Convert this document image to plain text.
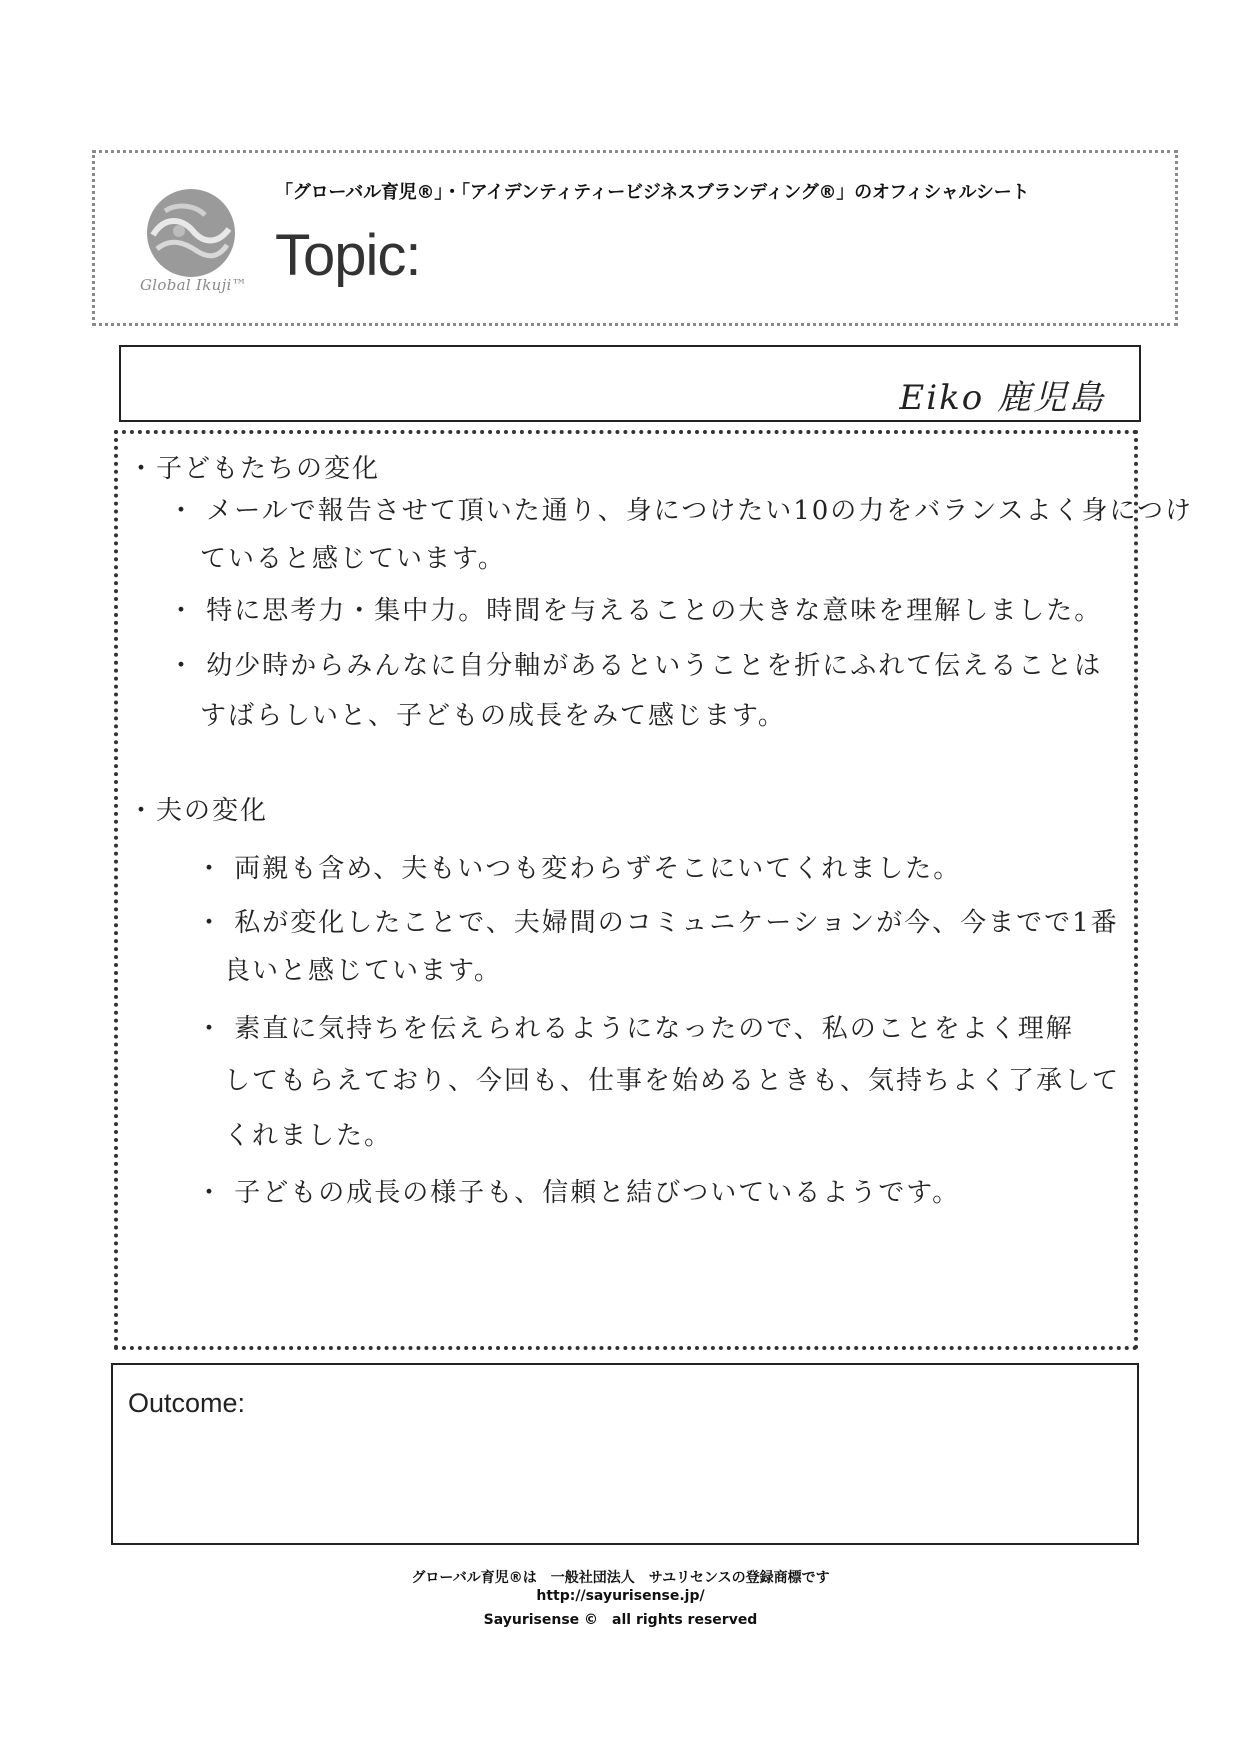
Global Ikuji™
「グローバル育児®」・「アイデンティティービジネスブランディング®」のオフィシャルシート
Topic:
Eiko 鹿児島
・子どもたちの変化
・ メールで報告させて頂いた通り、身につけたい10の力をバランスよく身につけ
ていると感じています。
・ 特に思考力・集中力。時間を与えることの大きな意味を理解しました。
・ 幼少時からみんなに自分軸があるということを折にふれて伝えることは
すばらしいと、子どもの成長をみて感じます。
・夫の変化
・ 両親も含め、夫もいつも変わらずそこにいてくれました。
・ 私が変化したことで、夫婦間のコミュニケーションが今、今までで1番
良いと感じています。
・ 素直に気持ちを伝えられるようになったので、私のことをよく理解
してもらえており、今回も、仕事を始めるときも、気持ちよく了承して
くれました。
・ 子どもの成長の様子も、信頼と結びついているようです。
Outcome:
グローバル育児®は　一般社団法人　サユリセンスの登録商標です
http://sayurisense.jp/
Sayurisense ©　all rights reserved
